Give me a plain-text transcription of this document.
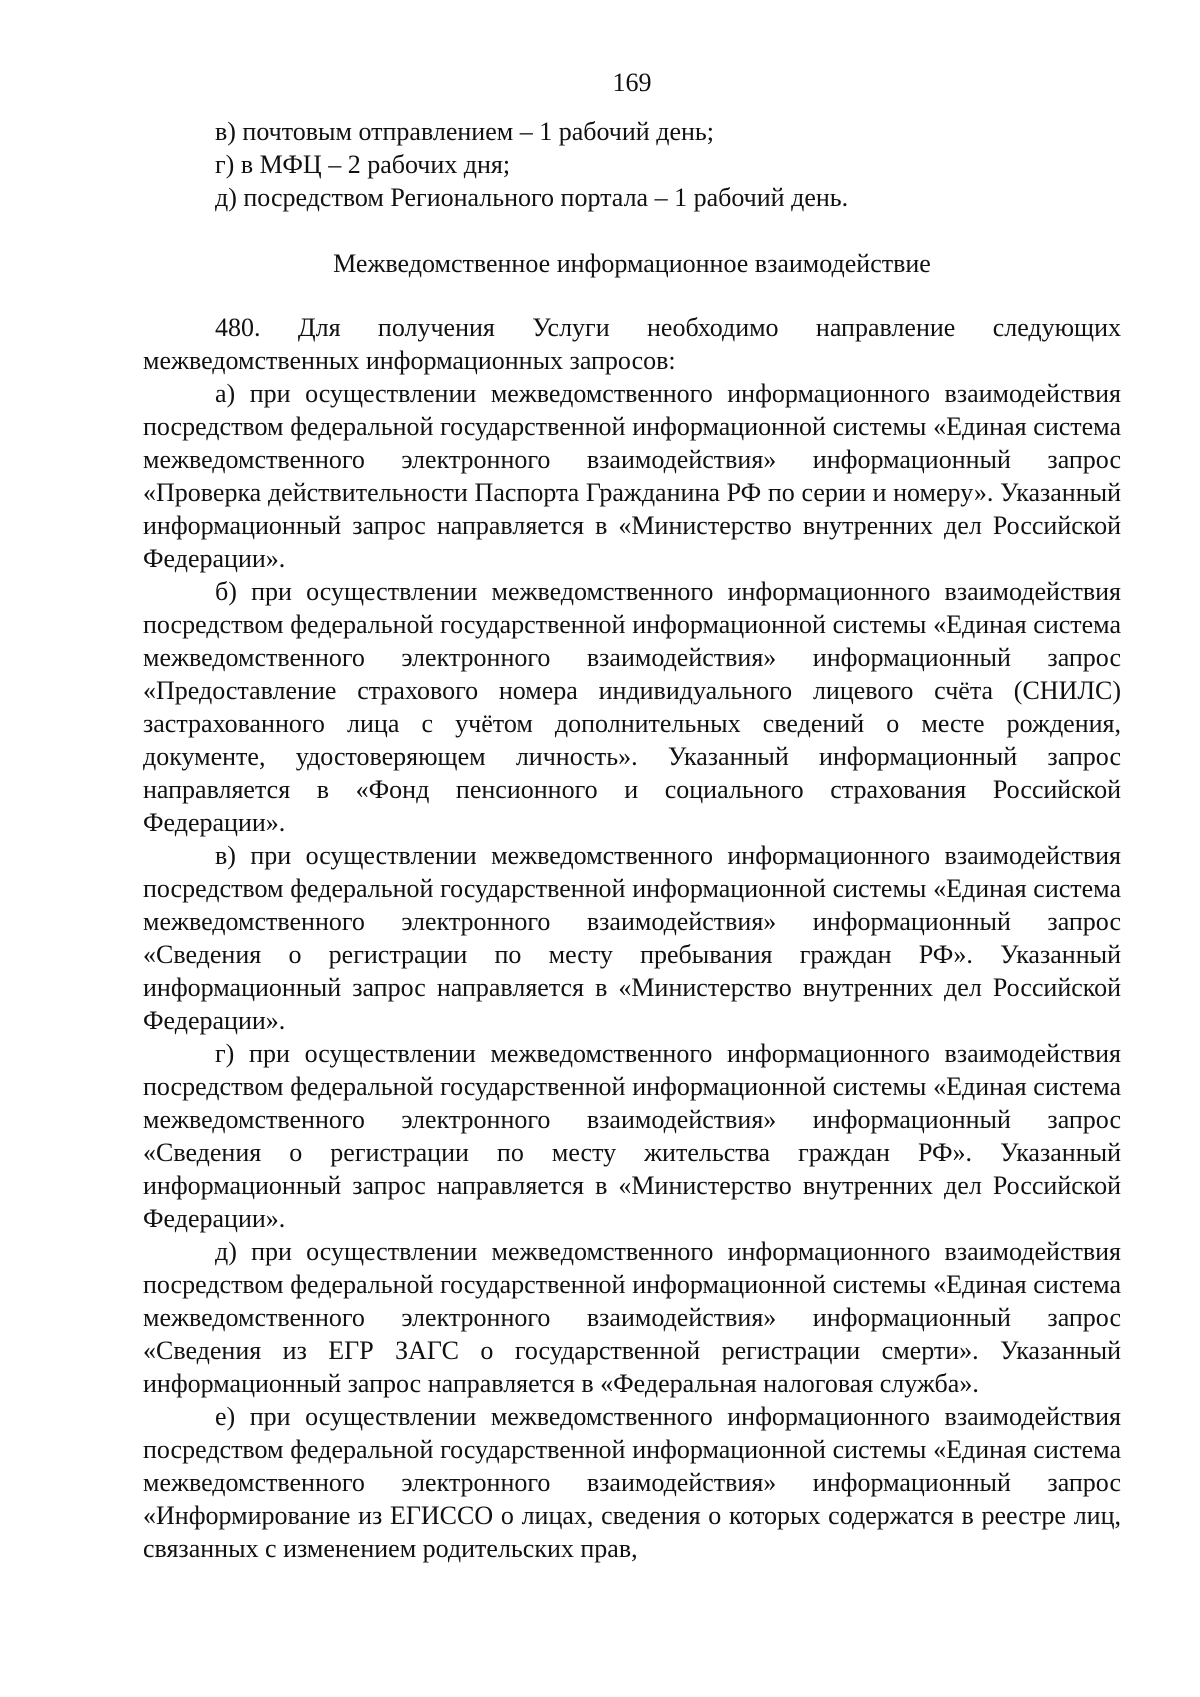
169
в) почтовым отправлением – 1 рабочий день;
г) в МФЦ – 2 рабочих дня;
д) посредством Регионального портала – 1 рабочий день.
Межведомственное информационное взаимодействие

480. Для получения Услуги необходимо направление следующих межведомственных информационных запросов:

а) при осуществлении межведомственного информационного взаимодействия посредством федеральной государственной информационной системы «Единая система межведомственного электронного взаимодействия» информационный запрос «Проверка действительности Паспорта Гражданина РФ по серии и номеру». Указанный информационный запрос направляется в «Министерство внутренних дел Российской Федерации».

б) при осуществлении межведомственного информационного взаимодействия посредством федеральной государственной информационной системы «Единая система межведомственного электронного взаимодействия» информационный запрос «Предоставление страхового номера индивидуального лицевого счёта (СНИЛС) застрахованного лица с учётом дополнительных сведений о месте рождения, документе, удостоверяющем личность». Указанный информационный запрос направляется в «Фонд пенсионного и социального страхования Российской Федерации».

в) при осуществлении межведомственного информационного взаимодействия посредством федеральной государственной информационной системы «Единая система межведомственного электронного взаимодействия» информационный запрос «Сведения о регистрации по месту пребывания граждан РФ». Указанный информационный запрос направляется в «Министерство внутренних дел Российской Федерации».

г) при осуществлении межведомственного информационного взаимодействия посредством федеральной государственной информационной системы «Единая система межведомственного электронного взаимодействия» информационный запрос «Сведения о регистрации по месту жительства граждан РФ». Указанный информационный запрос направляется в «Министерство внутренних дел Российской Федерации».

д) при осуществлении межведомственного информационного взаимодействия посредством федеральной государственной информационной системы «Единая система межведомственного электронного взаимодействия» информационный запрос «Сведения из ЕГР ЗАГС о государственной регистрации смерти». Указанный информационный запрос направляется в «Федеральная налоговая служба».

е) при осуществлении межведомственного информационного взаимодействия посредством федеральной государственной информационной системы «Единая система межведомственного электронного взаимодействия» информационный запрос «Информирование из ЕГИССО о лицах, сведения о которых содержатся в реестре лиц, связанных с изменением родительских прав,
